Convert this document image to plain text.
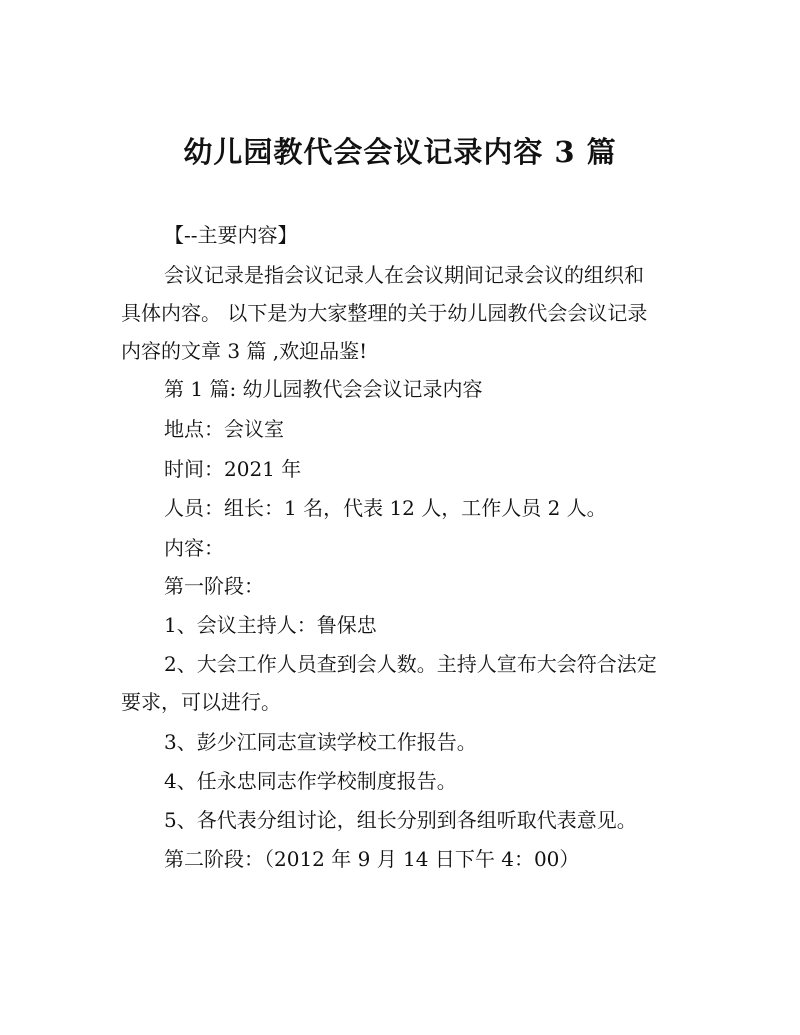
幼儿园教代会会议记录内容 3 篇
【--主要内容】
会议记录是指会议记录人在会议期间记录会议的组织和
具体内容。 以下是为大家整理的关于幼儿园教代会会议记录
内容的文章 3 篇 ,欢迎品鉴!
第 1 篇: 幼儿园教代会会议记录内容
地点：会议室
时间：2021 年
人员：组长：1 名，代表 12 人，工作人员 2 人。
内容：
第一阶段：
1、会议主持人：鲁保忠
2、大会工作人员查到会人数。主持人宣布大会符合法定
要求，可以进行。
3、彭少江同志宣读学校工作报告。
4、任永忠同志作学校制度报告。
5、各代表分组讨论，组长分别到各组听取代表意见。
第二阶段：（2012 年 9 月 14 日下午 4：00）
